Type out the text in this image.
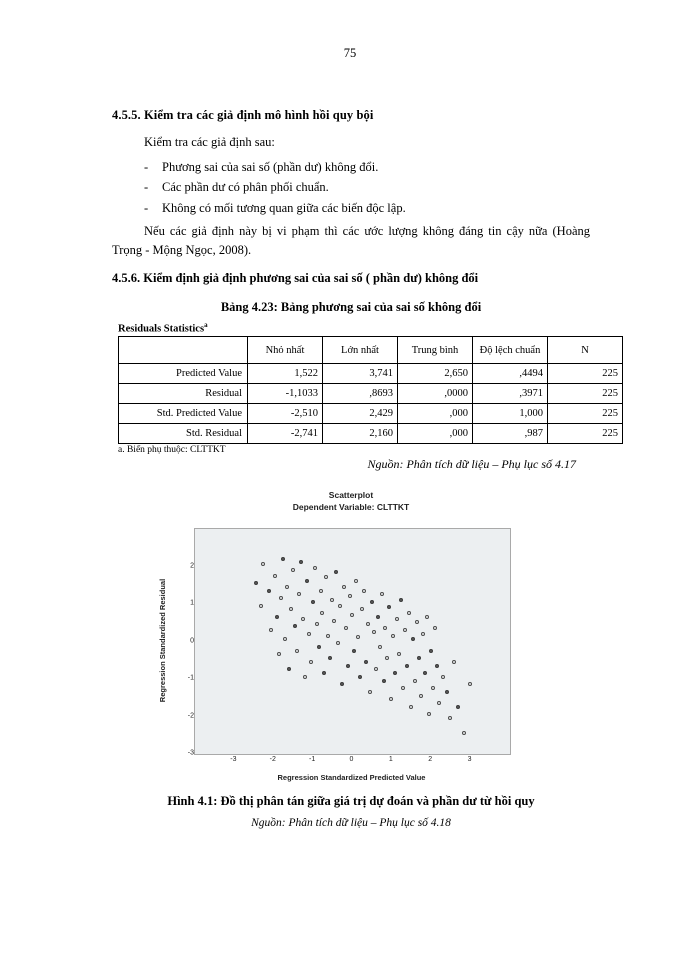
75
4.5.5. Kiểm tra các giả định mô hình hồi quy bội
Kiểm tra các giả định sau:
- Phương sai của sai số (phần dư) không đổi.
- Các phần dư có phân phối chuẩn.
- Không có mối tương quan giữa các biến độc lập.
Nếu các giả định này bị vi phạm thì các ước lượng không đáng tin cậy nữa (Hoàng Trọng - Mộng Ngọc, 2008).
4.5.6. Kiểm định giả định phương sai của sai số ( phần dư) không đổi
Bảng 4.23: Bảng phương sai của sai số không đổi
Residuals Statistics$^a$
	Nhỏ nhất	Lớn nhất	Trung bình	Độ lệch chuẩn	N
Predicted Value	1,522	3,741	2,650	,4494	225
Residual	-1,1033	,8693	,0000	,3971	225
Std. Predicted Value	-2,510	2,429	,000	1,000	225
Std. Residual	-2,741	2,160	,000	,987	225
a. Biến phụ thuộc: CLTTKT
Nguồn: Phân tích dữ liệu – Phụ lục số 4.17
Scatterplot
Dependent Variable: CLTTKT
Regression Standardized Residual
Regression Standardized Predicted Value
-3	-2	-1	0	1	2	3
-3
-2
-1
0
1
2
Hình 4.1: Đồ thị phân tán giữa giá trị dự đoán và phần dư từ hồi quy
Nguồn: Phân tích dữ liệu – Phụ lục số 4.18
